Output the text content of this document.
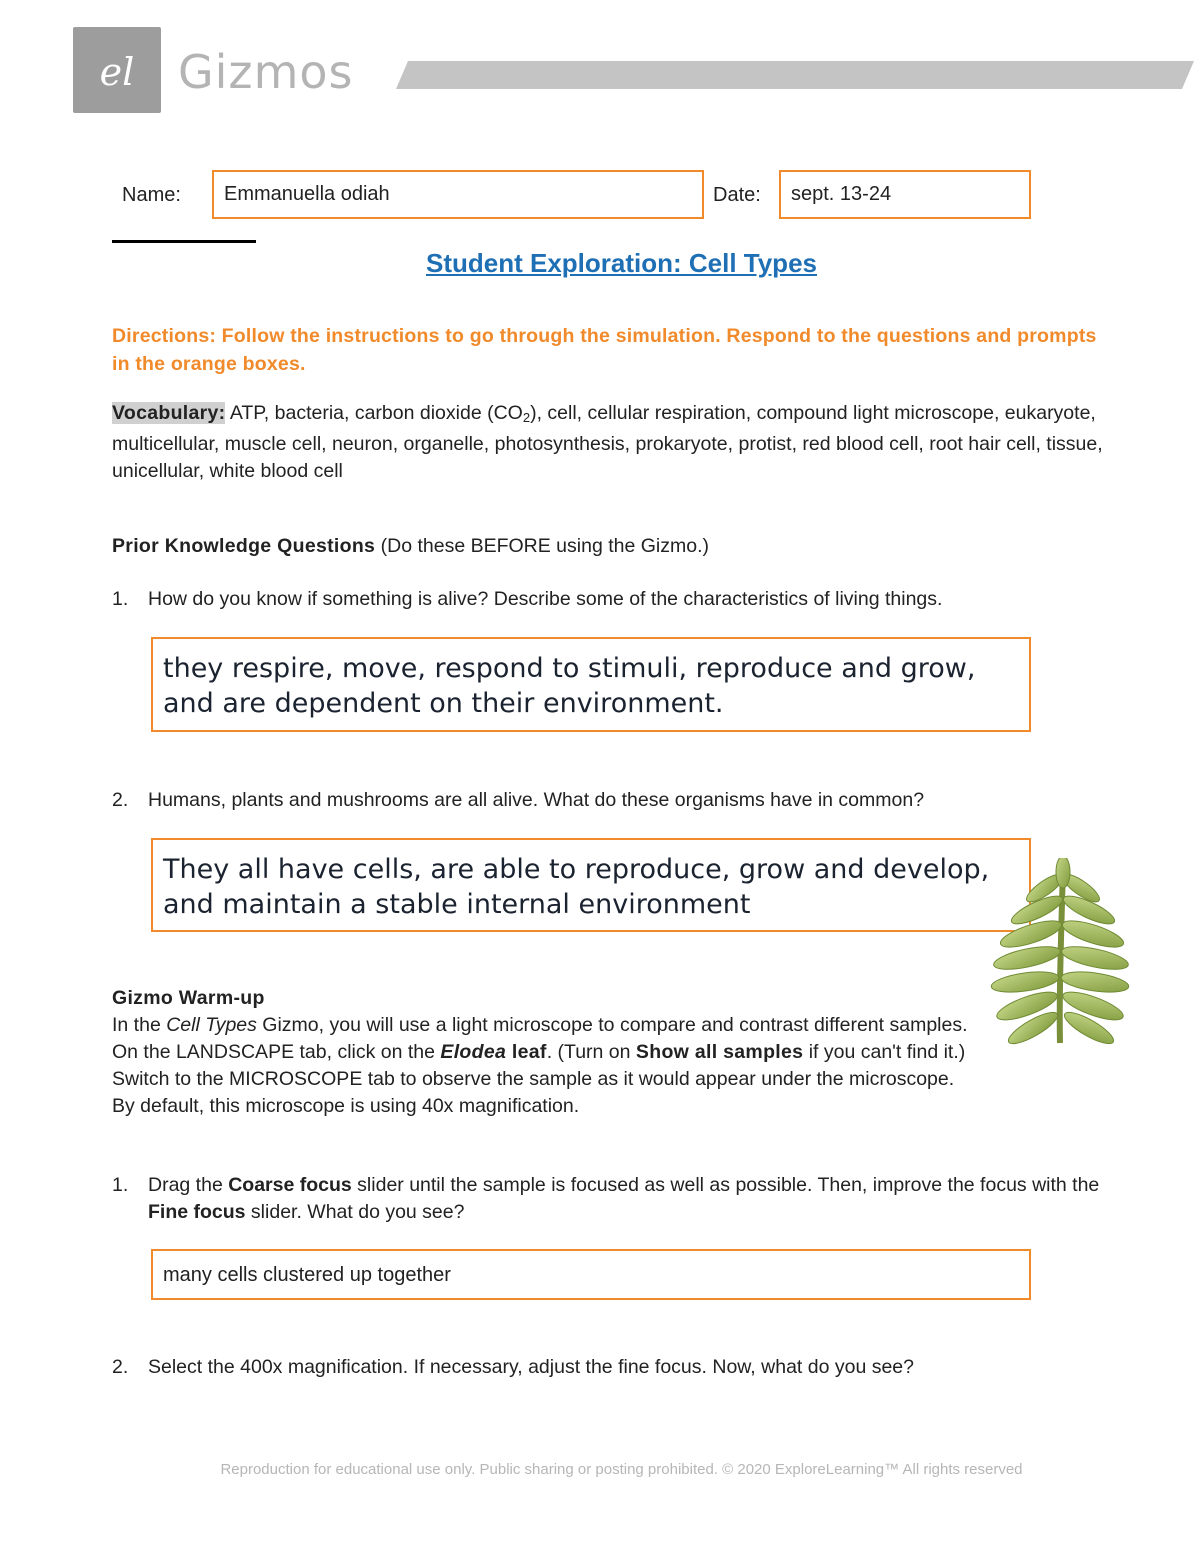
el Gizmos
Name:	Emmanuella odiah	Date:	sept. 13-24
Student Exploration: Cell Types
Directions: Follow the instructions to go through the simulation. Respond to the questions and prompts in the orange boxes.
Vocabulary: ATP, bacteria, carbon dioxide $(CO_2)$, cell, cellular respiration, compound light microscope, eukaryote, multicellular, muscle cell, neuron, organelle, photosynthesis, prokaryote, protist, red blood cell, root hair cell, tissue, unicellular, white blood cell
Prior Knowledge Questions (Do these BEFORE using the Gizmo.)
1. How do you know if something is alive? Describe some of the characteristics of living things.
they respire, move, respond to stimuli, reproduce and grow, and are dependent on their environment.
2. Humans, plants and mushrooms are all alive. What do these organisms have in common?
They all have cells, are able to reproduce, grow and develop, and maintain a stable internal environment
Gizmo Warm-up
In the Cell Types Gizmo, you will use a light microscope to compare and contrast different samples. On the LANDSCAPE tab, click on the Elodea leaf. (Turn on Show all samples if you can't find it.) Switch to the MICROSCOPE tab to observe the sample as it would appear under the microscope. By default, this microscope is using 40x magnification.
1. Drag the Coarse focus slider until the sample is focused as well as possible. Then, improve the focus with the Fine focus slider. What do you see?
many cells clustered up together
2. Select the 400x magnification. If necessary, adjust the fine focus. Now, what do you see?
Reproduction for educational use only. Public sharing or posting prohibited. © 2020 ExploreLearning™ All rights reserved
